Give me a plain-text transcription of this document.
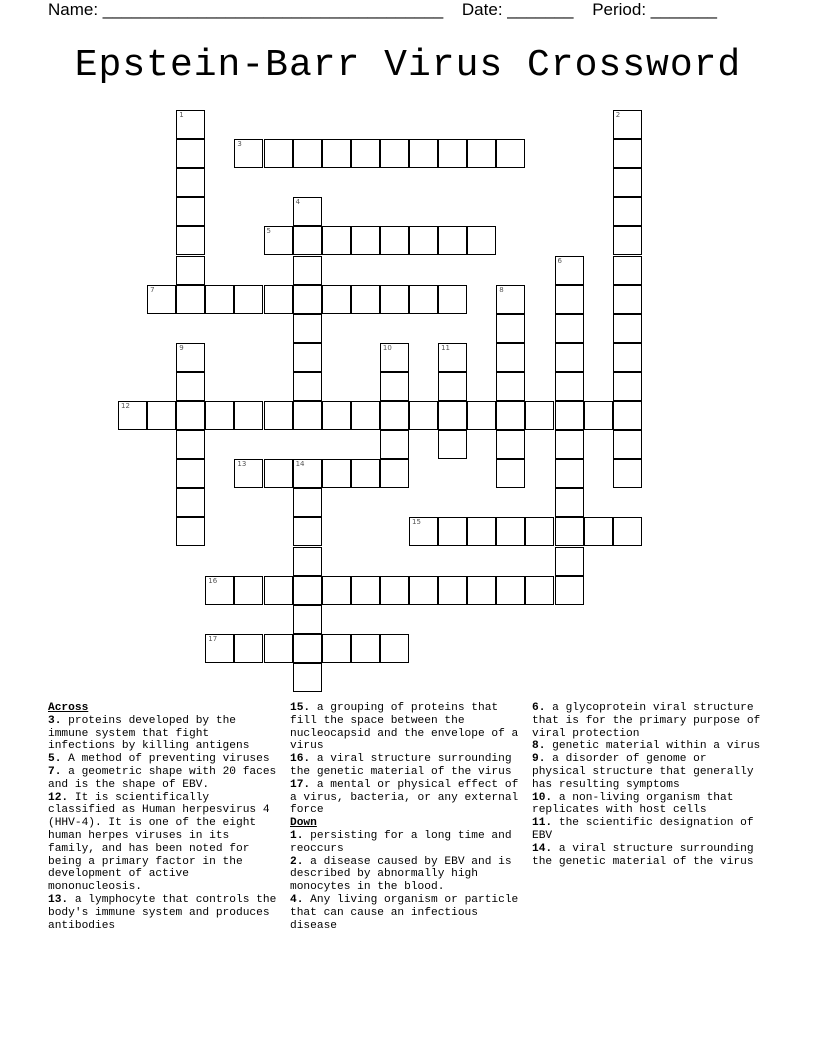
Name: ____________________________________ Date: _______ Period: _______
Epstein-Barr Virus Crossword
1	2
3
4
5
6
7	8
9	10	11
12
13	14
15
16
17
Across
3. proteins developed by the immune system that fight infections by killing antigens
5. A method of preventing viruses
7. a geometric shape with 20 faces and is the shape of EBV.
12. It is scientifically classified as Human herpesvirus 4 (HHV-4). It is one of the eight human herpes viruses in its family, and has been noted for being a primary factor in the development of active mononucleosis.
13. a lymphocyte that controls the body's immune system and produces antibodies
15. a grouping of proteins that fill the space between the nucleocapsid and the envelope of a virus
16. a viral structure surrounding the genetic material of the virus
17. a mental or physical effect of a virus, bacteria, or any external force
Down
1. persisting for a long time and reoccurs
2. a disease caused by EBV and is described by abnormally high monocytes in the blood.
4. Any living organism or particle that can cause an infectious disease
6. a glycoprotein viral structure that is for the primary purpose of viral protection
8. genetic material within a virus
9. a disorder of genome or physical structure that generally has resulting symptoms
10. a non-living organism that replicates with host cells
11. the scientific designation of EBV
14. a viral structure surrounding the genetic material of the virus
